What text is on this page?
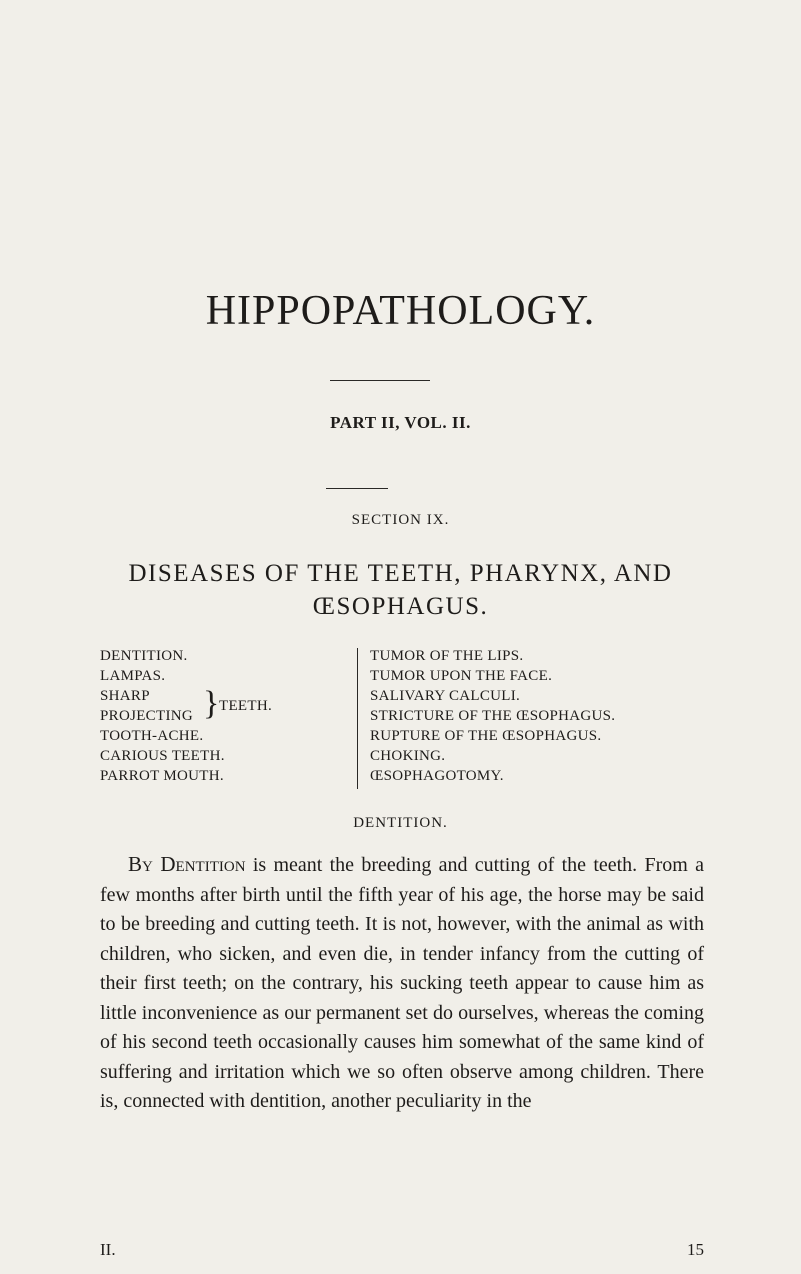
HIPPOPATHOLOGY.
PART II, VOL. II.
SECTION IX.
DISEASES OF THE TEETH, PHARYNX, AND
ŒSOPHAGUS.
DENTITION.
LAMPAS.
SHARP
PROJECTING } TEETH.
TOOTH-ACHE.
CARIOUS TEETH.
PARROT MOUTH.
TUMOR OF THE LIPS.
TUMOR UPON THE FACE.
SALIVARY CALCULI.
STRICTURE OF THE ŒSOPHAGUS.
RUPTURE OF THE ŒSOPHAGUS.
CHOKING.
ŒSOPHAGOTOMY.
DENTITION.
By Dentition is meant the breeding and cutting of the teeth. From a few months after birth until the fifth year of his age, the horse may be said to be breeding and cutting teeth. It is not, however, with the animal as with children, who sicken, and even die, in tender infancy from the cutting of their first teeth; on the contrary, his sucking teeth appear to cause him as little inconvenience as our permanent set do ourselves, whereas the coming of his second teeth occasionally causes him somewhat of the same kind of suffering and irritation which we so often observe among children. There is, connected with dentition, another peculiarity in the
II.	15
